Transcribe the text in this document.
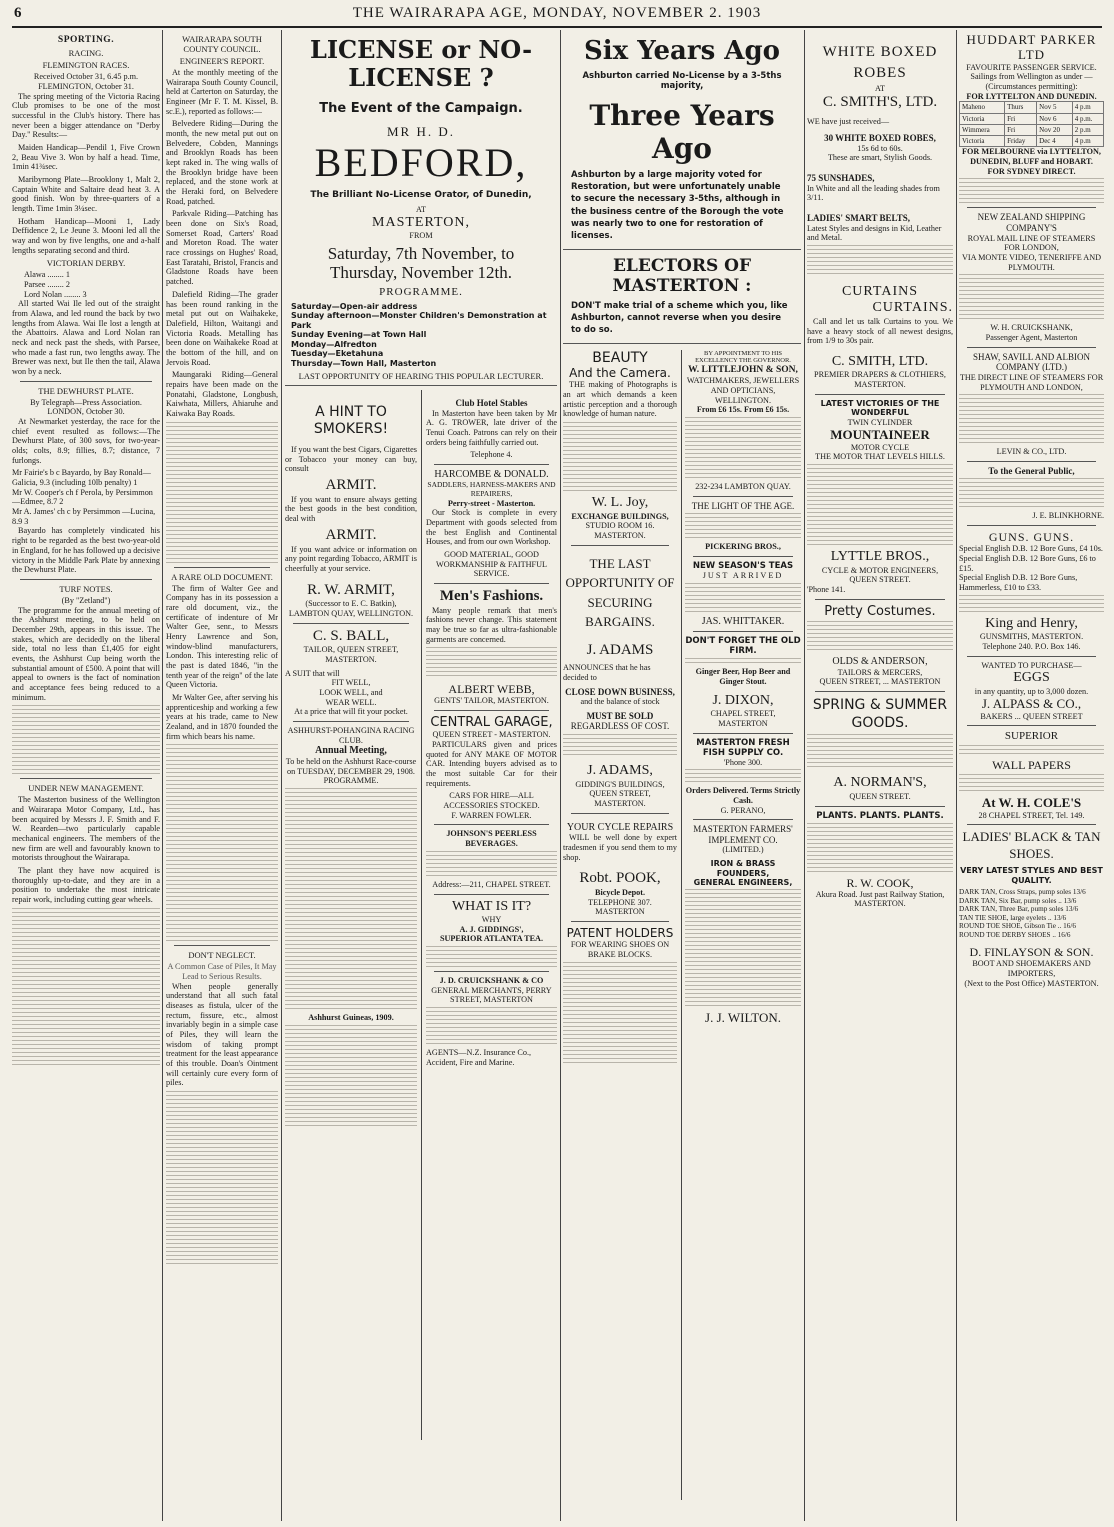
6	THE WAIRARAPA AGE, MONDAY, NOVEMBER 2. 1903
SPORTING.
RACING.
FLEMINGTON RACES.
Received October 31, 6.45 p.m.
FLEMINGTON, October 31.

The spring meeting of the Victoria Racing Club promises to be one of the most successful in the Club's history. There has never been a bigger attendance on "Derby Day." Results:—

Maiden Handicap—Pendil 1, Five Crown 2, Beau Vive 3. Won by half a head. Time, 1min 41¾sec.

Maribyrnong Plate—Brooklony 1, Malt 2, Captain White and Saltaire dead heat 3. A good finish. Won by three-quarters of a length. Time 1min 3¼sec.

Hotham Handicap—Mooni 1, Lady Deffidence 2, Le Jeune 3. Mooni led all the way and won by five lengths, one and a-half lengths separating second and third.

VICTORIAN DERBY.
Alawa ........ 1
Parsee ........ 2
Lord Nolan ........ 3

All started Wai Ile led out of the straight from Alawa, and led round the back by two lengths from Alawa. Wai Ile lost a length at the Abattoirs. Alawa and Lord Nolan ran neck and neck past the sheds, with Parsee, who made a fast run, two lengths away. The Brewer was next, but Ile then the tail, Alawa won by a neck.

THE DEWHURST PLATE.
By Telegraph—Press Association.
LONDON, October 30.

At Newmarket yesterday, the race for the chief event resulted as follows:—The Dewhurst Plate, of 300 sovs, for two-year-olds; colts, 8.9; fillies, 8.7; distance, 7 furlongs.

Mr Fairie's b c Bayardo, by Bay Ronald—Galicia, 9.3 (including 10lb penalty) 1
Mr W. Cooper's ch f Perola, by Persimmon—Edmee, 8.7 2
Mr A. James' ch c by Persimmon —Lucina, 8.9 3

Bayardo has completely vindicated his right to be regarded as the best two-year-old in England, for he has followed up a decisive victory in the Middle Park Plate by annexing the Dewhurst Plate.

TURF NOTES.
(By "Zetland")

The programme for the annual meeting of the Ashhurst meeting, to be held on December 29th, appears in this issue. The stakes, which are decidedly on the liberal side, total no less than £1,405 for eight events, the Ashhurst Cup being worth the substantial amount of £500. A point that will appeal to owners is the fact of nomination and acceptance fees being reduced to a minimum.

UNDER NEW MANAGEMENT.

The Masterton business of the Wellington and Wairarapa Motor Company, Ltd., has been acquired by Messrs J. F. Smith and F. W. Rearden—two particularly capable mechanical engineers. The members of the new firm are well and favourably known to motorists throughout the Wairarapa.

The plant they have now acquired is thoroughly up-to-date, and they are in a position to undertake the most intricate repair work, including cutting gear wheels.

WAIRARAPA SOUTH COUNTY COUNCIL.
ENGINEER'S REPORT.

At the monthly meeting of the Wairarapa South County Council, held at Carterton on Saturday, the Engineer (Mr F. T. M. Kissel, B. sc.E.), reported as follows:—

Belvedere Riding—During the month, the new metal put out on Belvedere, Cobden, Mannings and Brooklyn Roads has been kept raked in. The wing walls of the Brooklyn bridge have been replaced, and the stone work at the Heraki ford, on Belvedere Road, patched.

Parkvale Riding—Patching has been done on Six's Road, Somerset Road, Carters' Road and Moreton Road. The water race crossings on Hughes' Road, East Taratahi, Bristol, Francis and Gladstone Roads have been patched.

Dalefield Riding—The grader has been round ranking in the metal put out on Waihakeke, Dalefield, Hilton, Waitangi and Victoria Roads. Metalling has been done on Waihakeke Road at the bottom of the hill, and on Jervois Road.

Maungaraki Riding—General repairs have been made on the Ponatahi, Gladstone, Longbush, Kaiwhata, Millers, Ahiaruhe and Kaiwaka Bay Roads.

A RARE OLD DOCUMENT.

The firm of Walter Gee and Company has in its possession a rare old document, viz., the certificate of indenture of Mr Walter Gee, senr., to Messrs Henry Lawrence and Son, window-blind manufacturers, London. This interesting relic of the past is dated 1846, "in the tenth year of the reign" of the late Queen Victoria.

Mr Walter Gee, after serving his apprenticeship and working a few years at his trade, came to New Zealand, and in 1870 founded the firm which bears his name.

DON'T NEGLECT.
A Common Case of Piles, It May Lead to Serious Results.

When people generally understand that all such fatal diseases as fistula, ulcer of the rectum, fissure, etc., almost invariably begin in a simple case of Piles, they will learn the wisdom of taking prompt treatment for the least appearance of this trouble. Doan's Ointment will certainly cure every form of piles.

LICENSE or NO-LICENSE ?
The Event of the Campaign.
MR H. D.
BEDFORD,
The Brilliant No-License Orator, of Dunedin,
AT
MASTERTON,
FROM
Saturday, 7th November, to Thursday, November 12th.
PROGRAMME.
Saturday—Open-air address
Sunday afternoon—Monster Children's Demonstration at Park
Sunday Evening—at Town Hall
Monday—Alfredton
Tuesday—Eketahuna
Thursday—Town Hall, Masterton
LAST OPPORTUNITY OF HEARING THIS POPULAR LECTURER.
A HINT TO SMOKERS!

If you want the best Cigars, Cigarettes or Tobacco your money can buy, consult

ARMIT.

If you want to ensure always getting the best goods in the best condition, deal with

ARMIT.

If you want advice or information on any point regarding Tobacco, ARMIT is cheerfully at your service.

R. W. ARMIT,
(Successor to E. C. Batkin),
LAMBTON QUAY, WELLINGTON.
C. S. BALL,
TAILOR, QUEEN STREET, MASTERTON.
A SUIT that will
FIT WELL,
LOOK WELL, and
WEAR WELL.
At a price that will fit your pocket.
ASHHURST-POHANGINA RACING CLUB.
Annual Meeting,
To be held on the Ashhurst Race-course on TUESDAY, DECEMBER 29, 1908.
PROGRAMME.
Ashhurst Guineas, 1909.
Club Hotel Stables

In Masterton have been taken by Mr A. G. TROWER, late driver of the Tenui Coach. Patrons can rely on their orders being faithfully carried out.

Telephone 4.
HARCOMBE & DONALD.
SADDLERS, HARNESS-MAKERS AND REPAIRERS,
Perry-street - Masterton.

Our Stock is complete in every Department with goods selected from the best English and Continental Houses, and from our own Workshop.

GOOD MATERIAL, GOOD WORKMANSHIP & FAITHFUL SERVICE.
Men's Fashions.

Many people remark that men's fashions never change. This statement may be true so far as ultra-fashionable garments are concerned.

ALBERT WEBB,
GENTS' TAILOR, MASTERTON.
CENTRAL GARAGE,
QUEEN STREET - MASTERTON.

PARTICULARS given and prices quoted for ANY MAKE OF MOTOR CAR. Intending buyers advised as to the most suitable Car for their requirements.

CARS FOR HIRE—ALL ACCESSORIES STOCKED.
F. WARREN FOWLER.
JOHNSON'S PEERLESS BEVERAGES.
Address:—211, CHAPEL STREET.
WHAT IS IT?
WHY
A. J. GIDDINGS',
SUPERIOR ATLANTA TEA.
J. D. CRUICKSHANK & CO
GENERAL MERCHANTS, PERRY STREET, MASTERTON
AGENTS—N.Z. Insurance Co., Accident, Fire and Marine.
Six Years Ago
Ashburton carried No-License by a 3-5ths majority,
Three Years Ago
Ashburton by a large majority voted for Restoration, but were unfortunately unable to secure the necessary 3-5ths, although in the business centre of the Borough the vote was nearly two to one for restoration of licenses.
ELECTORS OF MASTERTON :
DON'T make trial of a scheme which you, like Ashburton, cannot reverse when you desire to do so.
BEAUTY
And the Camera.

THE making of Photographs is an art which demands a keen artistic perception and a thorough knowledge of human nature.

W. L. Joy,
EXCHANGE BUILDINGS,
STUDIO ROOM 16. MASTERTON.
THE LAST OPPORTUNITY OF SECURING BARGAINS.
J. ADAMS
ANNOUNCES that he has decided to
CLOSE DOWN BUSINESS,
and the balance of stock
MUST BE SOLD
REGARDLESS OF COST.
J. ADAMS,
GIDDING'S BUILDINGS, QUEEN STREET, MASTERTON.
YOUR CYCLE REPAIRS

WILL be well done by expert tradesmen if you send them to my shop.

Robt. POOK,
Bicycle Depot.
TELEPHONE 307. MASTERTON
PATENT HOLDERS
FOR WEARING SHOES ON BRAKE BLOCKS.
BY APPOINTMENT TO HIS EXCELLENCY THE GOVERNOR.
W. LITTLEJOHN & SON,
WATCHMAKERS, JEWELLERS AND OPTICIANS,
WELLINGTON.
From £6 15s. From £6 15s.
232-234 LAMBTON QUAY.
THE LIGHT OF THE AGE.
PICKERING BROS.,
NEW SEASON'S TEAS
JUST ARRIVED
JAS. WHITTAKER.
DON'T FORGET THE OLD FIRM.
Ginger Beer, Hop Beer and Ginger Stout.
J. DIXON,
CHAPEL STREET, MASTERTON
MASTERTON FRESH FISH SUPPLY CO.
'Phone 300.
Orders Delivered. Terms Strictly Cash.
G. PERANO,
MASTERTON FARMERS' IMPLEMENT CO.
(LIMITED.)
IRON & BRASS FOUNDERS,
GENERAL ENGINEERS,
J. J. WILTON.
WHITE BOXED ROBES
AT
C. SMITH'S, LTD.
WE have just received—
30 WHITE BOXED ROBES,
15s 6d to 60s.
These are smart, Stylish Goods.
75 SUNSHADES,
In White and all the leading shades from 3/11.
LADIES' SMART BELTS,
Latest Styles and designs in Kid, Leather and Metal.
CURTAINS
CURTAINS.

Call and let us talk Curtains to you. We have a heavy stock of all newest designs, from 1/9 to 30s pair.

C. SMITH, LTD.
PREMIER DRAPERS & CLOTHIERS,
MASTERTON.
LATEST VICTORIES OF THE WONDERFUL
TWIN CYLINDER
MOUNTAINEER
MOTOR CYCLE
THE MOTOR THAT LEVELS HILLS.
LYTTLE BROS.,
CYCLE & MOTOR ENGINEERS, QUEEN STREET.
'Phone 141.
Pretty Costumes.
OLDS & ANDERSON,
TAILORS & MERCERS,
QUEEN STREET, ... MASTERTON
SPRING & SUMMER GOODS.
A. NORMAN'S,
QUEEN STREET.
PLANTS. PLANTS. PLANTS.
R. W. COOK,
Akura Road. Just past Railway Station, MASTERTON.
HUDDART PARKER LTD
FAVOURITE PASSENGER SERVICE.
Sailings from Wellington as under —(Circumstances permitting):
FOR LYTTELTON AND DUNEDIN.
Maheno	Thurs	Nov 5	4 p.m
Victoria	Fri	Nov 6	4 p.m.
Wimmera	Fri	Nov 20	2 p.m
Victoria	Friday	Dec 4	4 p.m
FOR MELBOURNE via LYTTELTON, DUNEDIN, BLUFF and HOBART.
FOR SYDNEY DIRECT.
NEW ZEALAND SHIPPING COMPANY'S
ROYAL MAIL LINE OF STEAMERS FOR LONDON,
VIA MONTE VIDEO, TENERIFFE AND PLYMOUTH.
W. H. CRUICKSHANK,
Passenger Agent, Masterton
SHAW, SAVILL AND ALBION COMPANY (LTD.)
THE DIRECT LINE OF STEAMERS FOR PLYMOUTH AND LONDON,
LEVIN & CO., LTD.
To the General Public,
J. E. BLINKHORNE.
GUNS. GUNS.
Special English D.B. 12 Bore Guns, £4 10s.
Special English D.B. 12 Bore Guns, £6 to £15.
Special English D.B. 12 Bore Guns, Hammerless, £10 to £33.
King and Henry,
GUNSMITHS, MASTERTON.
Telephone 240. P.O. Box 146.
WANTED TO PURCHASE—
EGGS
in any quantity, up to 3,000 dozen.
J. ALPASS & CO.,
BAKERS ... QUEEN STREET
SUPERIOR
WALL PAPERS
At W. H. COLE'S
28 CHAPEL STREET, Tel. 149.
LADIES' BLACK & TAN SHOES.
VERY LATEST STYLES AND BEST QUALITY.
DARK TAN, Cross Straps, pump soles 13/6
DARK TAN, Six Bar, pump soles .. 13/6
DARK TAN, Three Bar, pump soles 13/6
TAN TIE SHOE, large eyelets .. 13/6
ROUND TOE SHOE, Gibson Tie .. 16/6
ROUND TOE DERBY SHOES .. 16/6
D. FINLAYSON & SON.
BOOT AND SHOEMAKERS AND IMPORTERS,
(Next to the Post Office) MASTERTON.
